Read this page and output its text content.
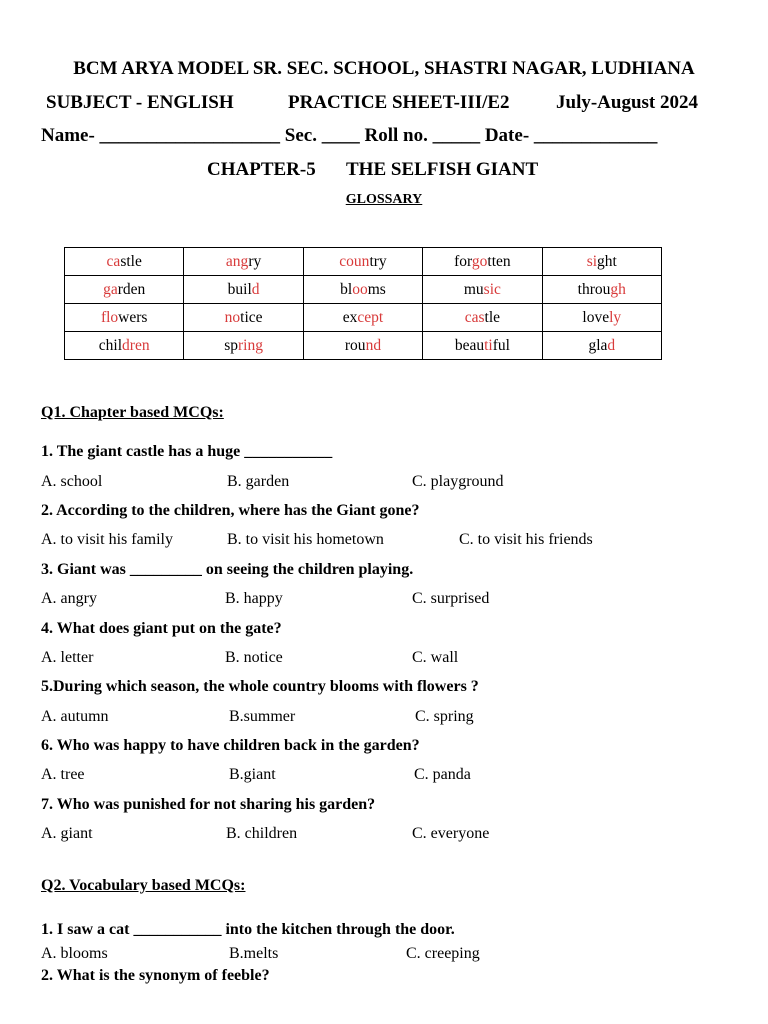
BCM ARYA MODEL SR. SEC. SCHOOL, SHASTRI NAGAR, LUDHIANA
SUBJECT - ENGLISH	PRACTICE SHEET-III/E2 July-August 2024
Name- ___________________ Sec. ____ Roll no. _____ Date- _____________
CHAPTER-5 THE SELFISH GIANT
GLOSSARY
castle	angry	country	forgotten	sight
garden	build	blooms	music	through
flowers	notice	except	castle	lovely
children	spring	round	beautiful	glad
Q1. Chapter based MCQs:
1. The giant castle has a huge ___________
A. school	B. garden	C. playground
2. According to the children, where has the Giant gone?
A. to visit his family	B. to visit his hometown	C. to visit his friends
3. Giant was _________ on seeing the children playing.
A. angry	B. happy	C. surprised
4. What does giant put on the gate?
A. letter	B. notice	C. wall
5.During which season, the whole country blooms with flowers ?
A. autumn	B.summer	C. spring
6. Who was happy to have children back in the garden?
A. tree	B.giant	C. panda
7. Who was punished for not sharing his garden?
A. giant	B. children	C. everyone
Q2. Vocabulary based MCQs:
1. I saw a cat ___________ into the kitchen through the door.
A. blooms	B.melts	C. creeping
2. What is the synonym of feeble?
